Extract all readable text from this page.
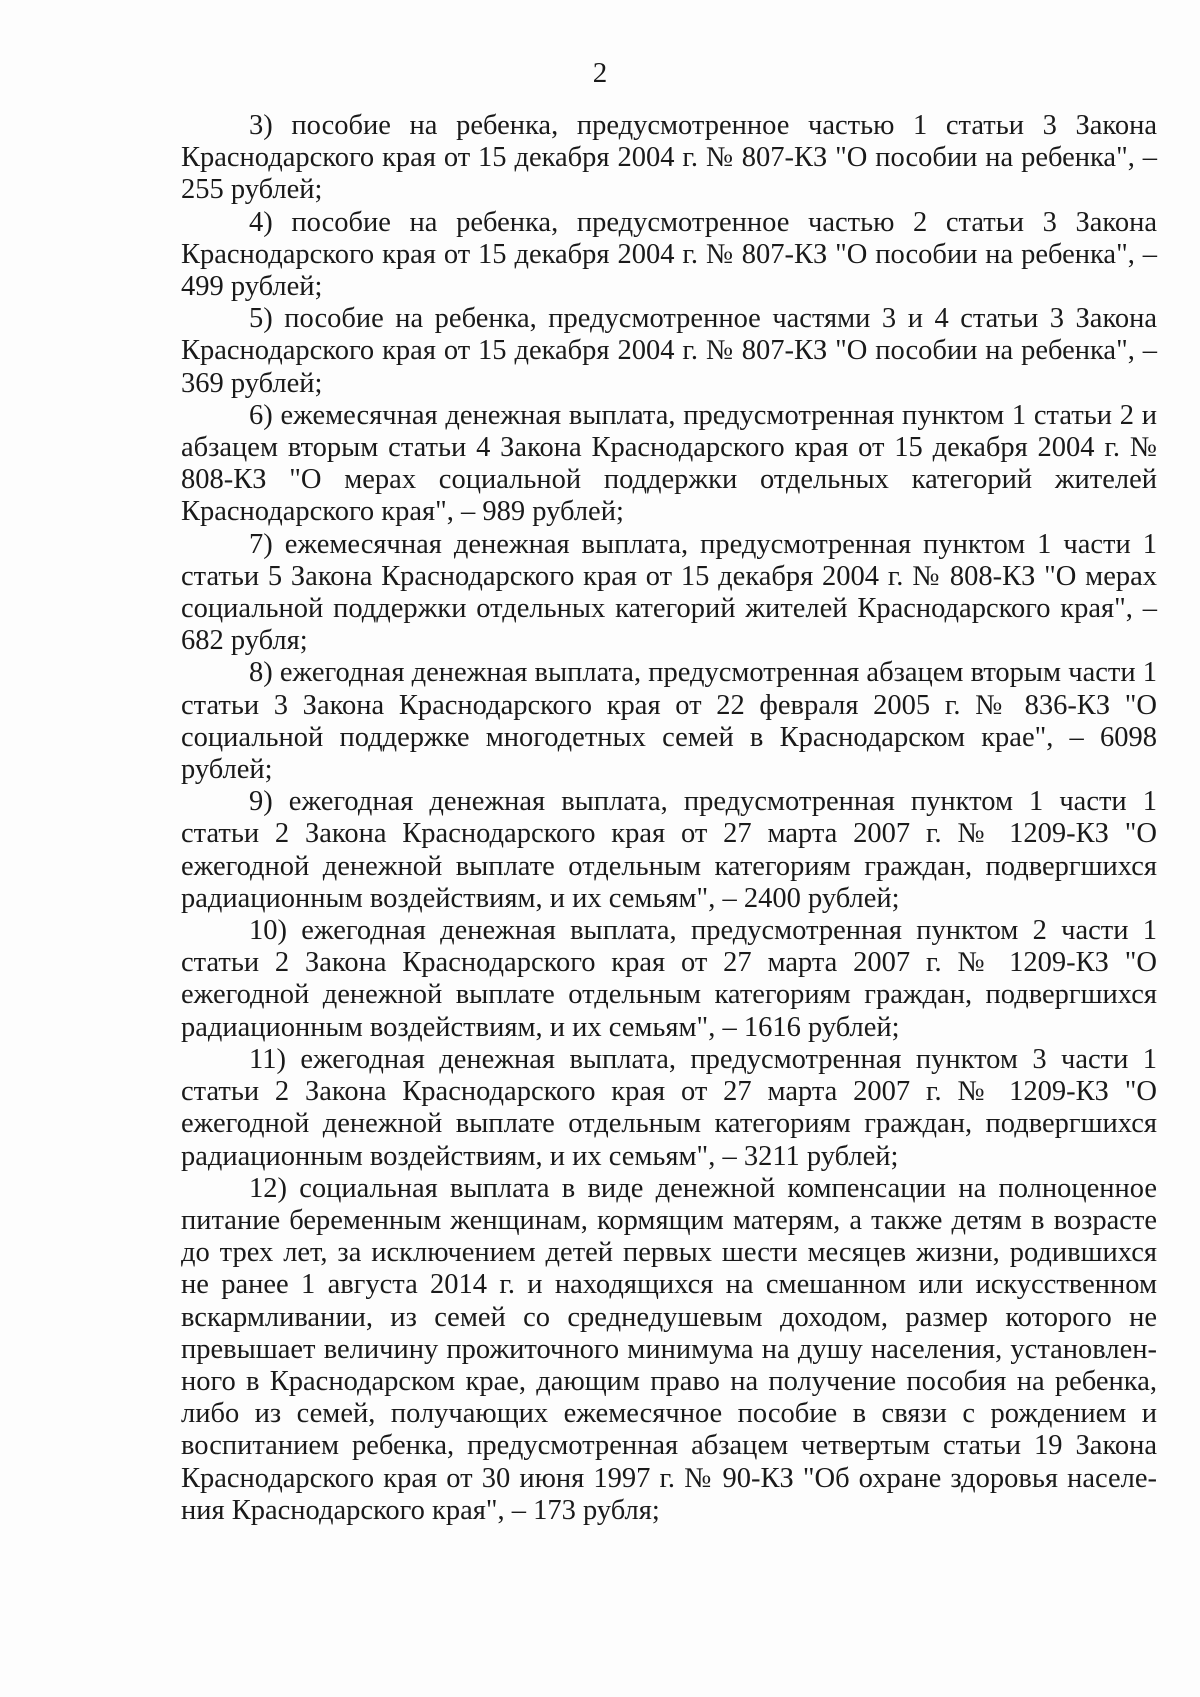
2

3) пособие на ребенка, предусмотренное частью 1 статьи 3 Закона Краснодарского края от 15 декабря 2004 г. № 807-КЗ "О пособии на ребенка", – 255 рублей;

4) пособие на ребенка, предусмотренное частью 2 статьи 3 Закона Краснодарского края от 15 декабря 2004 г. № 807-КЗ "О пособии на ребенка", – 499 рублей;

5) пособие на ребенка, предусмотренное частями 3 и 4 статьи 3 Закона Краснодарского края от 15 декабря 2004 г. № 807-КЗ "О пособии на ребенка", – 369 рублей;

6) ежемесячная денежная выплата, предусмотренная пунктом 1 статьи 2 и абзацем вторым статьи 4 Закона Краснодарского края от 15 декабря 2004 г. № 808-КЗ "О мерах социальной поддержки отдельных категорий жителей Краснодарского края", – 989 рублей;

7) ежемесячная денежная выплата, предусмотренная пунктом 1 части 1 статьи 5 Закона Краснодарского края от 15 декабря 2004 г. № 808-КЗ "О мерах социальной поддержки отдельных категорий жителей Краснодарского края", – 682 рубля;

8) ежегодная денежная выплата, предусмотренная абзацем вторым части 1 статьи 3 Закона Краснодарского края от 22 февраля 2005 г. № 836-КЗ "О социальной поддержке многодетных семей в Краснодарском крае", – 6098 рублей;

9) ежегодная денежная выплата, предусмотренная пунктом 1 части 1 статьи 2 Закона Краснодарского края от 27 марта 2007 г. № 1209-КЗ "О ежегодной денежной выплате отдельным категориям граждан, подвергшихся радиационным воздействиям, и их семьям", – 2400 рублей;

10) ежегодная денежная выплата, предусмотренная пунктом 2 части 1 статьи 2 Закона Краснодарского края от 27 марта 2007 г. № 1209-КЗ "О ежегодной денежной выплате отдельным категориям граждан, подвергшихся радиационным воздействиям, и их семьям", – 1616 рублей;

11) ежегодная денежная выплата, предусмотренная пунктом 3 части 1 статьи 2 Закона Краснодарского края от 27 марта 2007 г. № 1209-КЗ "О ежегодной денежной выплате отдельным категориям граждан, подвергшихся радиационным воздействиям, и их семьям", – 3211 рублей;

12) социальная выплата в виде денежной компенсации на полноценное питание беременным женщинам, кормящим матерям, а также детям в возрасте до трех лет, за исключением детей первых шести месяцев жизни, родившихся не ранее 1 августа 2014 г. и находящихся на смешанном или искусственном вскармливании, из семей со среднедушевым доходом, размер которого не превышает величину прожиточного минимума на душу населения, установленного в Краснодарском крае, дающим право на получение пособия на ребенка, либо из семей, получающих ежемесячное пособие в связи с рождением и воспитанием ребенка, предусмотренная абзацем четвертым статьи 19 Закона Краснодарского края от 30 июня 1997 г. № 90-КЗ "Об охране здоровья населения Краснодарского края", – 173 рубля;
